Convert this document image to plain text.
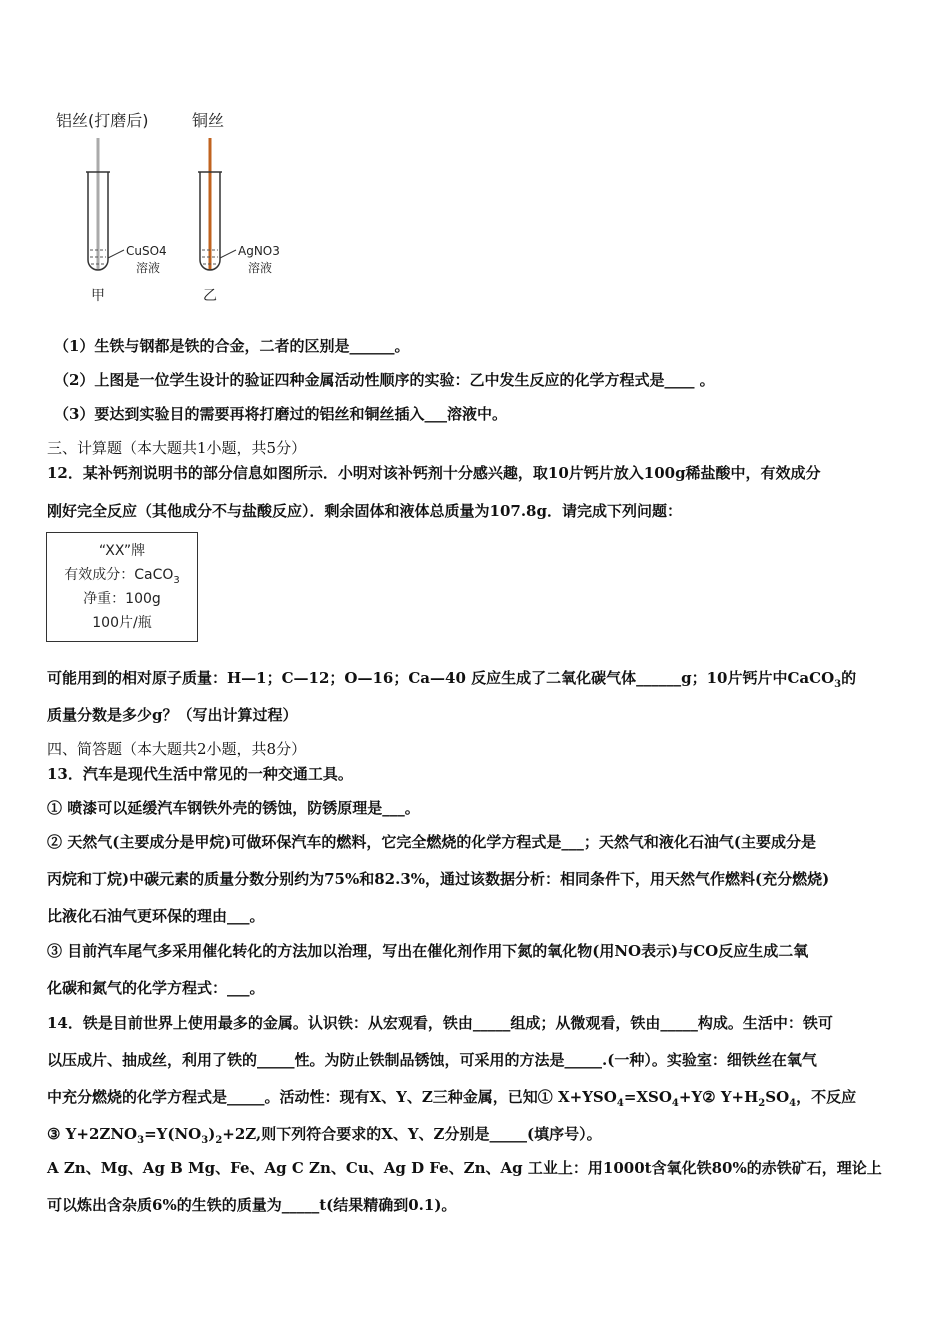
铝丝(打磨后)	铜丝
CuSO4
溶液
甲
AgNO3
溶液
乙
（1）生铁与钢都是铁的合金，二者的区别是______。
（2）上图是一位学生设计的验证四种金属活动性顺序的实验：乙中发生反应的化学方程式是____ 。
（3）要达到实验目的需要再将打磨过的铝丝和铜丝插入___溶液中。
三、计算题（本大题共1小题，共5分）
12．某补钙剂说明书的部分信息如图所示．小明对该补钙剂十分感兴趣，取10片钙片放入100g稀盐酸中，有效成分
刚好完全反应（其他成分不与盐酸反应）．剩余固体和液体总质量为107.8g．请完成下列问题：
“XX”牌
有效成分：CaCO$_3$
净重：100g
100片/瓶
可能用到的相对原子质量：H—1；C—12；O—16；Ca—40 反应生成了二氧化碳气体______g；10片钙片中CaCO$_3$的
质量分数是多少g？（写出计算过程）
四、简答题（本大题共2小题，共8分）
13．汽车是现代生活中常见的一种交通工具。
① 喷漆可以延缓汽车钢铁外壳的锈蚀，防锈原理是___。
② 天然气(主要成分是甲烷)可做环保汽车的燃料，它完全燃烧的化学方程式是___；天然气和液化石油气(主要成分是
丙烷和丁烷)中碳元素的质量分数分别约为75%和82.3%，通过该数据分析：相同条件下，用天然气作燃料(充分燃烧)
比液化石油气更环保的理由___。
③ 目前汽车尾气多采用催化转化的方法加以治理，写出在催化剂作用下氮的氧化物(用NO表示)与CO反应生成二氧
化碳和氮气的化学方程式：___。
14．铁是目前世界上使用最多的金属。认识铁：从宏观看，铁由_____组成；从微观看，铁由_____构成。生活中：铁可
以压成片、抽成丝，利用了铁的_____性。为防止铁制品锈蚀，可采用的方法是_____.(一种）。实验室：细铁丝在氧气
中充分燃烧的化学方程式是_____。活动性：现有X、Y、Z三种金属，已知① $X+YSO_4=XSO_4+Y②$ $Y+H_2SO_4$，不反应
③ $Y+2ZNO_3=Y(NO_3)_2+2Z$,则下列符合要求的X、Y、Z分别是_____(填序号）。
A Zn、Mg、Ag B Mg、Fe、Ag C Zn、Cu、Ag D Fe、Zn、Ag 工业上：用1000t含氧化铁80%的赤铁矿石，理论上
可以炼出含杂质6%的生铁的质量为_____t(结果精确到0.1)。
